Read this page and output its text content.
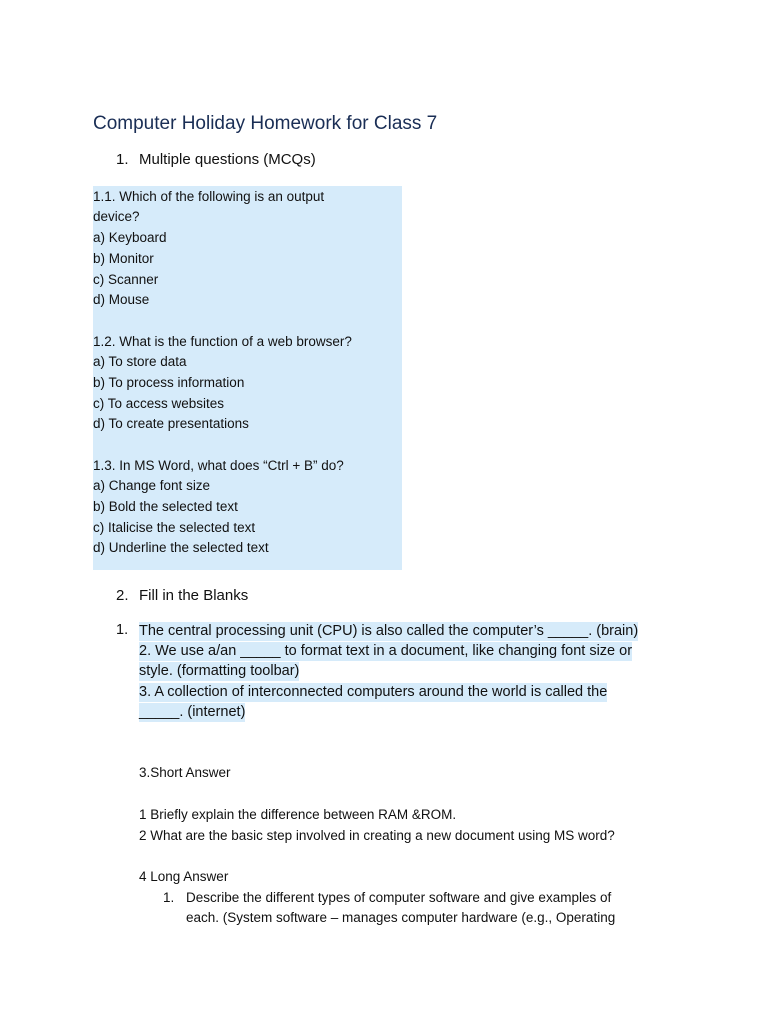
Computer Holiday Homework for Class 7
1. Multiple questions (MCQs)
1.1. Which of the following is an output
device?
a) Keyboard
b) Monitor
c) Scanner
d) Mouse
1.2. What is the function of a web browser?
a) To store data
b) To process information
c) To access websites
d) To create presentations
1.3. In MS Word, what does “Ctrl + B” do?
a) Change font size
b) Bold the selected text
c) Italicise the selected text
d) Underline the selected text
2. Fill in the Blanks
1. The central processing unit (CPU) is also called the computer’s _____. (brain)
2. We use a/an _____ to format text in a document, like changing font size or
style. (formatting toolbar)
3. A collection of interconnected computers around the world is called the
_____. (internet)
3.Short Answer
1 Briefly explain the difference between RAM &ROM.
2 What are the basic step involved in creating a new document using MS word?
4 Long Answer
1. Describe the different types of computer software and give examples of
each. (System software – manages computer hardware (e.g., Operating
